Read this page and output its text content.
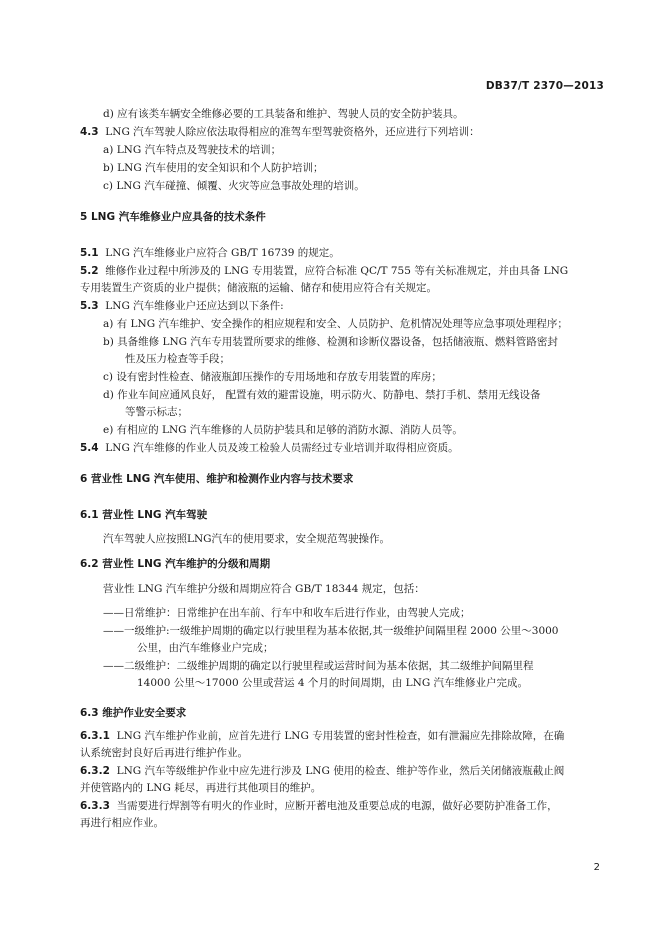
DB37/T 2370—2013
d) 应有该类车辆安全维修必要的工具装备和维护、驾驶人员的安全防护装具。
4.3 LNG 汽车驾驶人除应依法取得相应的准驾车型驾驶资格外，还应进行下列培训：
a) LNG 汽车特点及驾驶技术的培训；
b) LNG 汽车使用的安全知识和个人防护培训；
c) LNG 汽车碰撞、倾覆、火灾等应急事故处理的培训。
5 LNG 汽车维修业户应具备的技术条件
5.1 LNG 汽车维修业户应符合 GB/T 16739 的规定。
5.2 维修作业过程中所涉及的 LNG 专用装置，应符合标准 QC/T 755 等有关标准规定，并由具备 LNG
专用装置生产资质的业户提供；储液瓶的运输、储存和使用应符合有关规定。
5.3 LNG 汽车维修业户还应达到以下条件:
a) 有 LNG 汽车维护、安全操作的相应规程和安全、人员防护、危机情况处理等应急事项处理程序；
b) 具备维修 LNG 汽车专用装置所要求的维修、检测和诊断仪器设备，包括储液瓶、燃料管路密封
性及压力检查等手段；
c) 设有密封性检查、储液瓶卸压操作的专用场地和存放专用装置的库房；
d) 作业车间应通风良好， 配置有效的避雷设施，明示防火、防静电、禁打手机、禁用无线设备
等警示标志；
e) 有相应的 LNG 汽车维修的人员防护装具和足够的消防水源、消防人员等。
5.4 LNG 汽车维修的作业人员及竣工检验人员需经过专业培训并取得相应资质。
6 营业性 LNG 汽车使用、维护和检测作业内容与技术要求
6.1 营业性 LNG 汽车驾驶
汽车驾驶人应按照LNG汽车的使用要求，安全规范驾驶操作。
6.2 营业性 LNG 汽车维护的分级和周期
营业性 LNG 汽车维护分级和周期应符合 GB/T 18344 规定，包括：
——日常维护：日常维护在出车前、行车中和收车后进行作业，由驾驶人完成；
——一级维护:一级维护周期的确定以行驶里程为基本依据,其一级维护间隔里程 2000 公里～3000
公里，由汽车维修业户完成；
——二级维护：二级维护周期的确定以行驶里程或运营时间为基本依据，其二级维护间隔里程
14000 公里～17000 公里或营运 4 个月的时间周期，由 LNG 汽车维修业户完成。
6.3 维护作业安全要求
6.3.1 LNG 汽车维护作业前，应首先进行 LNG 专用装置的密封性检查，如有泄漏应先排除故障，在确
认系统密封良好后再进行维护作业。
6.3.2 LNG 汽车等级维护作业中应先进行涉及 LNG 使用的检查、维护等作业，然后关闭储液瓶截止阀
并使管路内的 LNG 耗尽，再进行其他项目的维护。
6.3.3 当需要进行焊割等有明火的作业时，应断开蓄电池及重要总成的电源，做好必要防护准备工作，
再进行相应作业。
2
